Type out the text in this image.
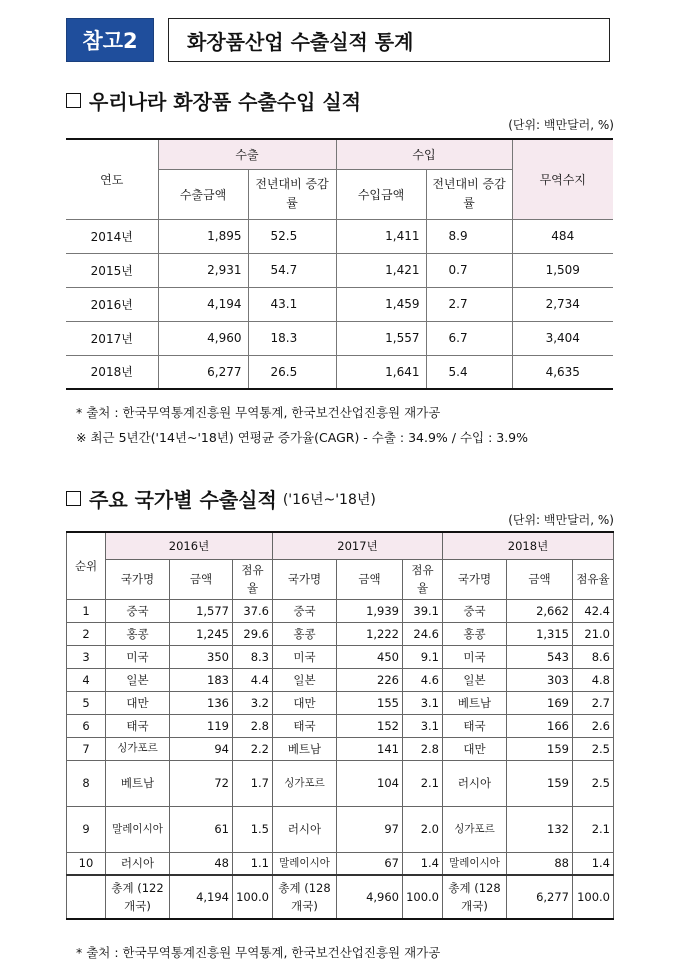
참고2	화장품산업 수출실적 통계
우리나라 화장품 수출수입 실적
(단위: 백만달러, %)
연도	수출		수입		무역수지
	수출금액	전년대비 증감률	수입금액	전년대비 증감률	
2014년	1,895	52.5	1,411	8.9	484
2015년	2,931	54.7	1,421	0.7	1,509
2016년	4,194	43.1	1,459	2.7	2,734
2017년	4,960	18.3	1,557	6.7	3,404
2018년	6,277	26.5	1,641	5.4	4,635
* 출처 : 한국무역통계진흥원 무역통계, 한국보건산업진흥원 재가공
※ 최근 5년간('14년~'18년) 연평균 증가율(CAGR) - 수출 : 34.9% / 수입 : 3.9%
주요 국가별 수출실적 ('16년~'18년)
(단위: 백만달러, %)
순위	2016년			2017년			2018년		
	국가명	금액	점유율	국가명	금액	점유율	국가명	금액	점유율
1	중국	1,577	37.6	중국	1,939	39.1	중국	2,662	42.4
2	홍콩	1,245	29.6	홍콩	1,222	24.6	홍콩	1,315	21.0
3	미국	350	8.3	미국	450	9.1	미국	543	8.6
4	일본	183	4.4	일본	226	4.6	일본	303	4.8
5	대만	136	3.2	대만	155	3.1	베트남	169	2.7
6	태국	119	2.8	태국	152	3.1	태국	166	2.6
7	싱가포르	94	2.2	베트남	141	2.8	대만	159	2.5
8	베트남	72	1.7	싱가포르	104	2.1	러시아	159	2.5
9	말레이시아	61	1.5	러시아	97	2.0	싱가포르	132	2.1
10	러시아	48	1.1	말레이시아	67	1.4	말레이시아	88	1.4
	총계 (122개국)	4,194	100.0	총계 (128개국)	4,960	100.0	총계 (128개국)	6,277	100.0
* 출처 : 한국무역통계진흥원 무역통계, 한국보건산업진흥원 재가공
